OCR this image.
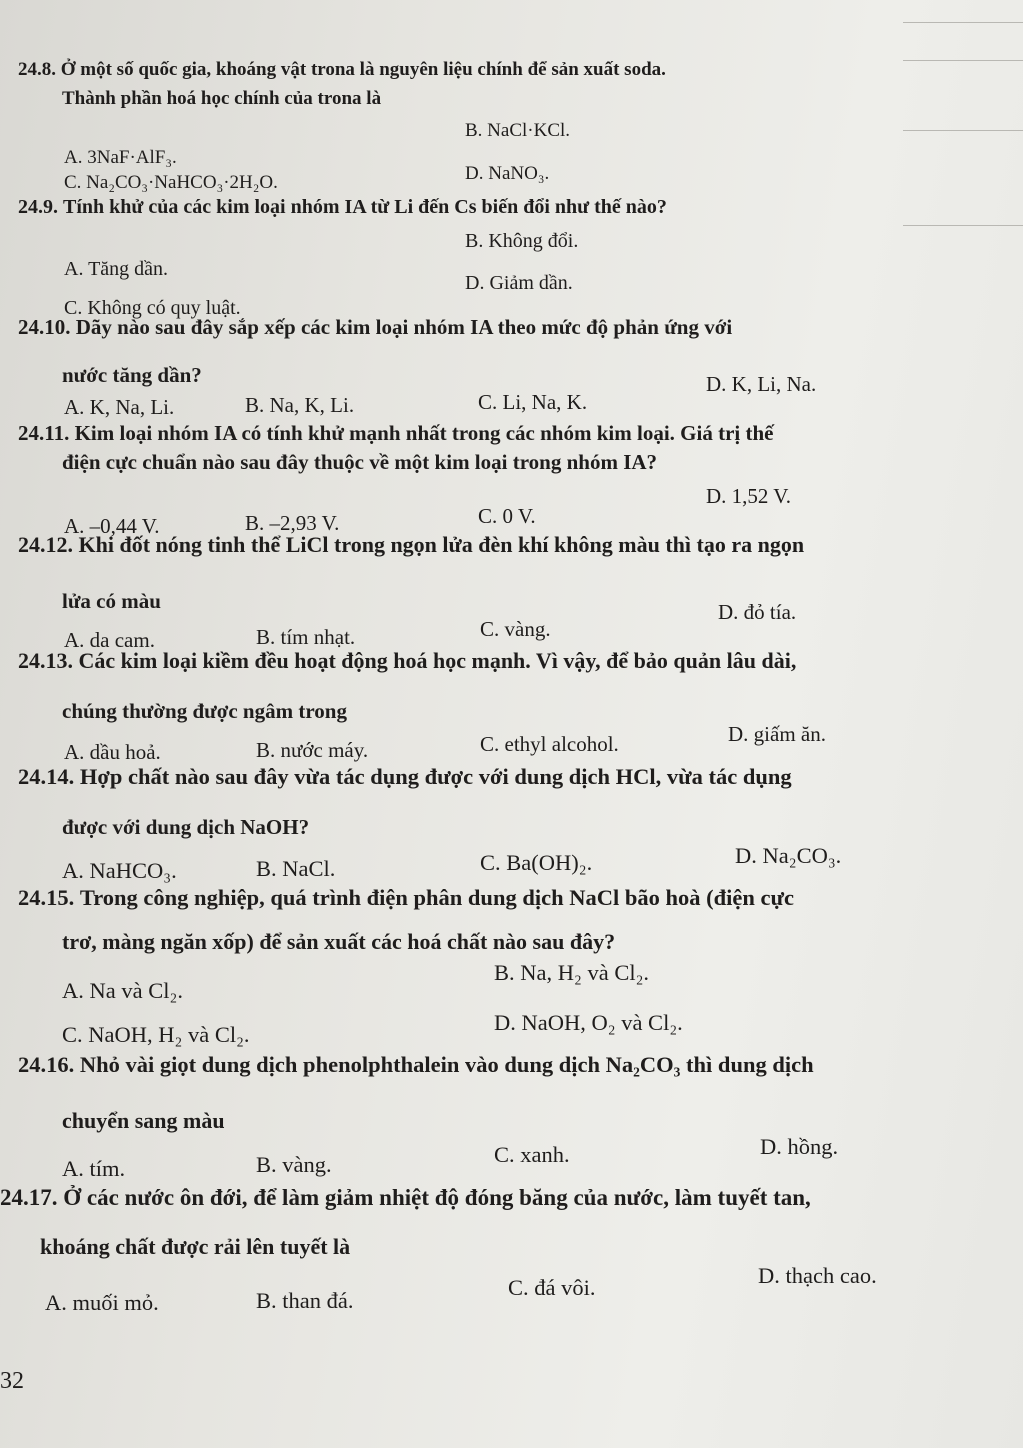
24.8. Ở một số quốc gia, khoáng vật trona là nguyên liệu chính để sản xuất soda.
Thành phần hoá học chính của trona là
B. NaCl·KCl.
A. 3NaF·AlF₃.
D. NaNO₃.
C. Na₂CO₃·NaHCO₃·2H₂O.
24.9. Tính khử của các kim loại nhóm IA từ Li đến Cs biến đổi như thế nào?
B. Không đổi.
A. Tăng dần.
D. Giảm dần.
C. Không có quy luật.
24.10. Dãy nào sau đây sắp xếp các kim loại nhóm IA theo mức độ phản ứng với
nước tăng dần?
A. K, Na, Li.	B. Na, K, Li.	C. Li, Na, K.
D. K, Li, Na.
24.11. Kim loại nhóm IA có tính khử mạnh nhất trong các nhóm kim loại. Giá trị thế
điện cực chuẩn nào sau đây thuộc về một kim loại trong nhóm IA?
A. –0,44 V.	B. –2,93 V.	C. 0 V.
D. 1,52 V.
24.12. Khi đốt nóng tinh thể LiCl trong ngọn lửa đèn khí không màu thì tạo ra ngọn
lửa có màu
A. da cam.	B. tím nhạt.	C. vàng.
D. đỏ tía.
24.13. Các kim loại kiềm đều hoạt động hoá học mạnh. Vì vậy, để bảo quản lâu dài,
chúng thường được ngâm trong
A. dầu hoả.	B. nước máy.	C. ethyl alcohol.	D. giấm ăn.
24.14. Hợp chất nào sau đây vừa tác dụng được với dung dịch HCl, vừa tác dụng
được với dung dịch NaOH?
A. NaHCO₃.	B. NaCl.	C. Ba(OH)₂.	D. Na₂CO₃.
24.15. Trong công nghiệp, quá trình điện phân dung dịch NaCl bão hoà (điện cực
trơ, màng ngăn xốp) để sản xuất các hoá chất nào sau đây?
A. Na và Cl₂.
B. Na, H₂ và Cl₂.
C. NaOH, H₂ và Cl₂.	D. NaOH, O₂ và Cl₂.
24.16. Nhỏ vài giọt dung dịch phenolphthalein vào dung dịch Na₂CO₃ thì dung dịch
chuyển sang màu
A. tím.	B. vàng.	C. xanh.	D. hồng.
24.17. Ở các nước ôn đới, để làm giảm nhiệt độ đóng băng của nước, làm tuyết tan,
khoáng chất được rải lên tuyết là
A. muối mỏ.	B. than đá.
C. đá vôi.	D. thạch cao.
32
